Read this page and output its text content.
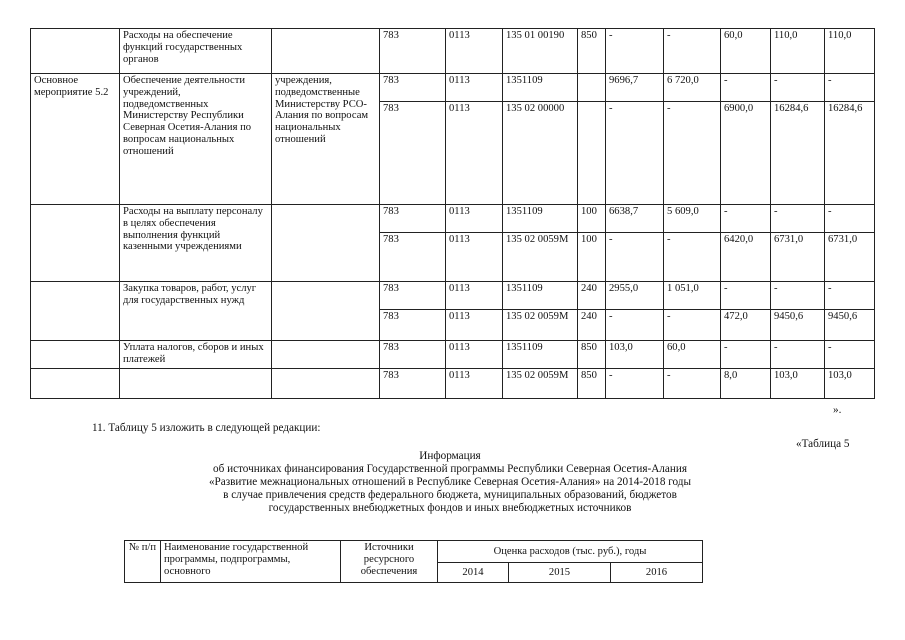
	Расходы на обеспечение функций государственных органов		783	0113	135 01 00190	850	-	-	60,0	110,0	110,0
Основное мероприятие 5.2	Обеспечение деятельности учреждений, подведомственных Министерству Республики Северная Осетия-Алания по вопросам национальных отношений	учреждения, подведомственные Министерству РСО-Алания по вопросам национальных отношений	783	0113	1351109		9696,7	6 720,0	-	-	-
			783	0113	135 02 00000		-	-	6900,0	16284,6	16284,6
	Расходы на выплату персоналу в целях обеспечения выполнения функций казенными учреждениями		783	0113	1351109	100	6638,7	5 609,0	-	-	-
			783	0113	135 02 0059М	100	-	-	6420,0	6731,0	6731,0
	Закупка товаров, работ, услуг для государственных нужд		783	0113	1351109	240	2955,0	1 051,0	-	-	-
			783	0113	135 02 0059М	240	-	-	472,0	9450,6	9450,6
	Уплата налогов, сборов и иных платежей		783	0113	1351109	850	103,0	60,0	-	-	-
			783	0113	135 02 0059М	850	-	-	8,0	103,0	103,0

».

11. Таблицу 5 изложить в следующей редакции:

«Таблица 5

Информация
об источниках финансирования Государственной программы Республики Северная Осетия-Алания
«Развитие межнациональных отношений в Республике Северная Осетия-Алания» на 2014-2018 годы
в случае привлечения средств федерального бюджета, муниципальных образований, бюджетов
государственных внебюджетных фондов и иных внебюджетных источников
№ п/п	Наименование государственной программы, подпрограммы, основного	Источники ресурсного обеспечения	Оценка расходов (тыс. руб.), годы		
			2014	2015	2016
